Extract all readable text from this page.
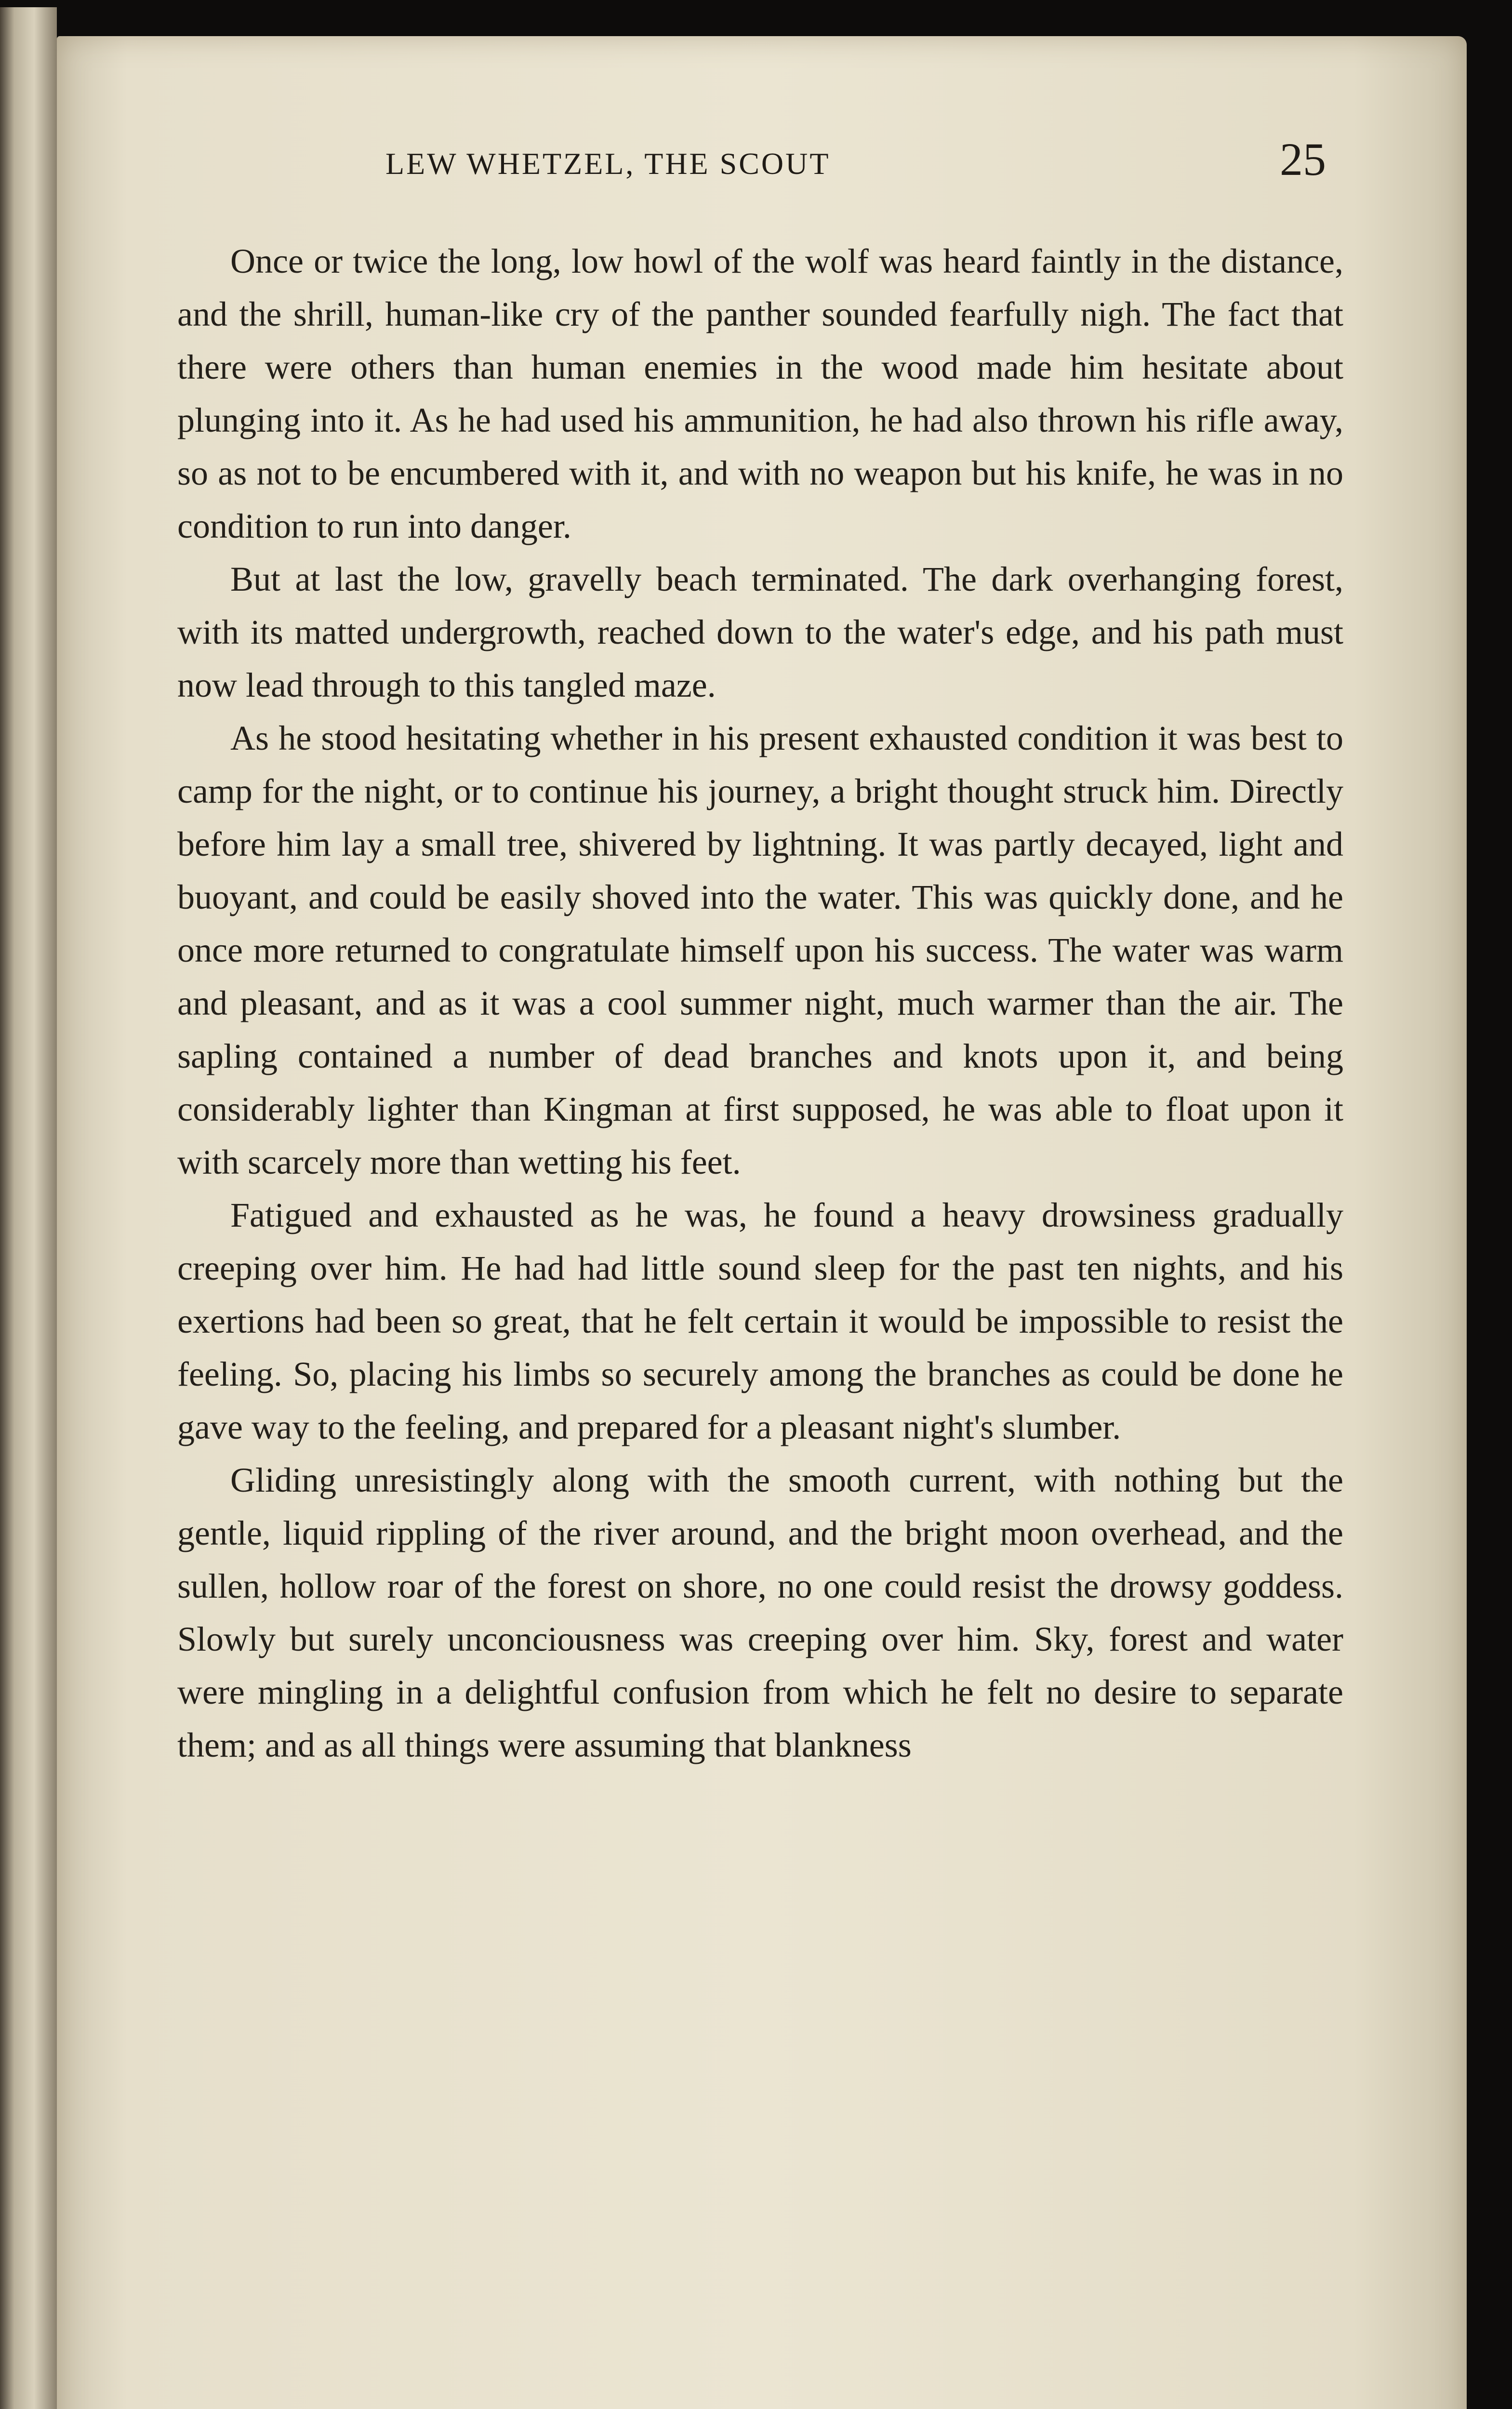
LEW WHETZEL, THE SCOUT	25

Once or twice the long, low howl of the wolf was heard faintly in the distance, and the shrill, human-like cry of the panther sounded fearfully nigh. The fact that there were others than human enemies in the wood made him hesitate about plunging into it. As he had used his ammunition, he had also thrown his rifle away, so as not to be encumbered with it, and with no weapon but his knife, he was in no condition to run into danger.

But at last the low, gravelly beach terminated. The dark overhanging forest, with its matted undergrowth, reached down to the water's edge, and his path must now lead through to this tangled maze.

As he stood hesitating whether in his present exhausted condition it was best to camp for the night, or to continue his journey, a bright thought struck him. Directly before him lay a small tree, shivered by lightning. It was partly decayed, light and buoyant, and could be easily shoved into the water. This was quickly done, and he once more returned to congratulate himself upon his success. The water was warm and pleasant, and as it was a cool summer night, much warmer than the air. The sapling contained a number of dead branches and knots upon it, and being considerably lighter than Kingman at first supposed, he was able to float upon it with scarcely more than wetting his feet.

Fatigued and exhausted as he was, he found a heavy drowsiness gradually creeping over him. He had had little sound sleep for the past ten nights, and his exertions had been so great, that he felt certain it would be impossible to resist the feeling. So, placing his limbs so securely among the branches as could be done he gave way to the feeling, and prepared for a pleasant night's slumber.

Gliding unresistingly along with the smooth current, with nothing but the gentle, liquid rippling of the river around, and the bright moon overhead, and the sullen, hollow roar of the forest on shore, no one could resist the drowsy goddess. Slowly but surely unconciousness was creeping over him. Sky, forest and water were mingling in a delightful confusion from which he felt no desire to separate them; and as all things were assuming that blankness
